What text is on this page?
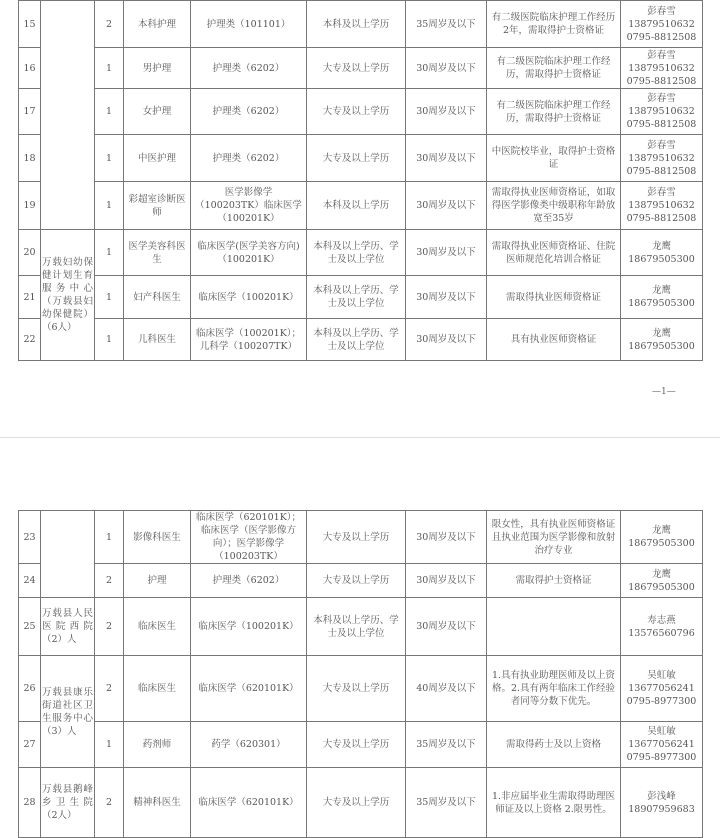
15		2	本科护理	护理类（101101）	本科及以上学历	35周岁及以下	有二级医院临床护理工作经历2年，需取得护士资格证	彭春雪
13879510632
0795-8812508

16		1	男护理	护理类（6202）	大专及以上学历	30周岁及以下	有二级医院临床护理工作经历，需取得护士资格证	彭春雪
13879510632
0795-8812508

17		1	女护理	护理类（6202）	大专及以上学历	30周岁及以下	有二级医院临床护理工作经历，需取得护士资格证	彭春雪
13879510632
0795-8812508

18		1	中医护理	护理类（6202）	大专及以上学历	30周岁及以下	中医院校毕业，取得护士资格证	彭春雪
13879510632
0795-8812508

19		1	彩超室诊断医师	医学影像学（100203TK）临床医学（100201K）	本科及以上学历	30周岁及以下	需取得执业医师资格证，如取得医学影像类中级职称年龄放宽至35岁	彭春雪
13879510632
0795-8812508

20	万载妇幼保健计划生育服务中心（万载县妇幼保健院）（6人）	1	医学美容科医生	临床医学(医学美容方向)（100201K）	本科及以上学历、学士及以上学位	30周岁及以下	需取得执业医师资格证、住院医师规范化培训合格证	龙鹰
18679505300

21		1	妇产科医生	临床医学（100201K）	本科及以上学历、学士及以上学位	30周岁及以下	需取得执业医师资格证	龙鹰
18679505300

22		1	儿科医生	临床医学（100201K）；儿科学（100207TK）	本科及以上学历、学士及以上学位	30周岁及以下	具有执业医师资格证	龙鹰
18679505300
—1—
23		1	影像科医生	临床医学（620101K）；临床医学（医学影像方向）；医学影像学（100203TK）	大专及以上学历	30周岁及以下	限女性，具有执业医师资格证且执业范围为医学影像和放射治疗专业	龙鹰
18679505300

24		2	护理	护理类（6202）	大专及以上学历	30周岁及以下	需取得护士资格证	龙鹰
18679505300

25	万载县人民医院西院（2）人	2	临床医生	临床医学（100201K）	本科及以上学历、学士及以上学位	30周岁及以下		寿志燕
13576560796

26	万载县康乐街道社区卫生服务中心（3）人	2	临床医生	临床医学（620101K）	大专及以上学历	40周岁及以下	1.具有执业助理医师及以上资格。2.具有两年临床工作经验者同等分数下优先。	吴虹敏
13677056241
0795-8977300

27		1	药剂师	药学（620301）	大专及以上学历	35周岁及以下	需取得药士及以上资格	吴虹敏
13677056241
0795-8977300

28	万载县鹅峰乡卫生院（2人）	2	精神科医生	临床医学（620101K）	大专及以上学历	35周岁及以下	1.非应届毕业生需取得助理医师证及以上资格 2.限男性。	彭浅峰
18907959683
